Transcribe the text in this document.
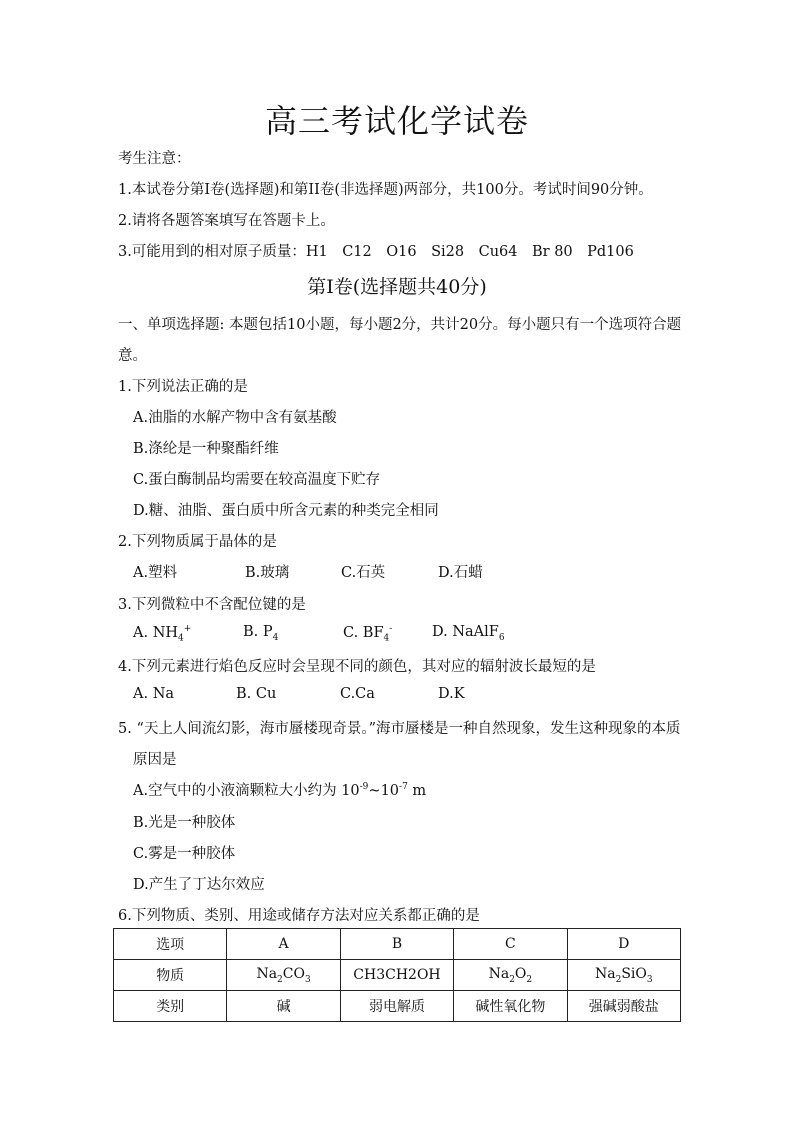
高三考试化学试卷
考生注意：
1.本试卷分第I卷(选择题)和第II卷(非选择题)两部分，共100分。考试时间90分钟。
2.请将各题答案填写在答题卡上。
3.可能用到的相对原子质量：H1　C12　O16　Si28　Cu64　Br 80　Pd106
第I卷(选择题共40分)
一、单项选择题: 本题包括10小题，每小题2分，共计20分。每小题只有一个选项符合题
意。
1.下列说法正确的是
A.油脂的水解产物中含有氨基酸
B.涤纶是一种聚酯纤维
C.蛋白酶制品均需要在较高温度下贮存
D.糖、油脂、蛋白质中所含元素的种类完全相同
2.下列物质属于晶体的是
A.塑料	B.玻璃	C.石英	D.石蜡
3.下列微粒中不含配位键的是
A. $NH_4^+$	B. $P_4$	C. $BF_4^-$	D. NaAlF$_6$
4.下列元素进行焰色反应时会呈现不同的颜色，其对应的辐射波长最短的是
A. Na	B. Cu	C.Ca	D.K
5. “天上人间流幻影，海市蜃楼现奇景。”海市蜃楼是一种自然现象，发生这种现象的本质
原因是
A.空气中的小液滴颗粒大小约为 $10^{-9}\sim 10^{-7}$ m
B.光是一种胶体
C.雾是一种胶体
D.产生了丁达尔效应
6.下列物质、类别、用途或储存方法对应关系都正确的是
选项	A	B	C	D
物质	$Na_2CO_3$	CH3CH2OH	$Na_2O_2$	$Na_2SiO_3$
类别	碱	弱电解质	碱性氧化物	强碱弱酸盐
